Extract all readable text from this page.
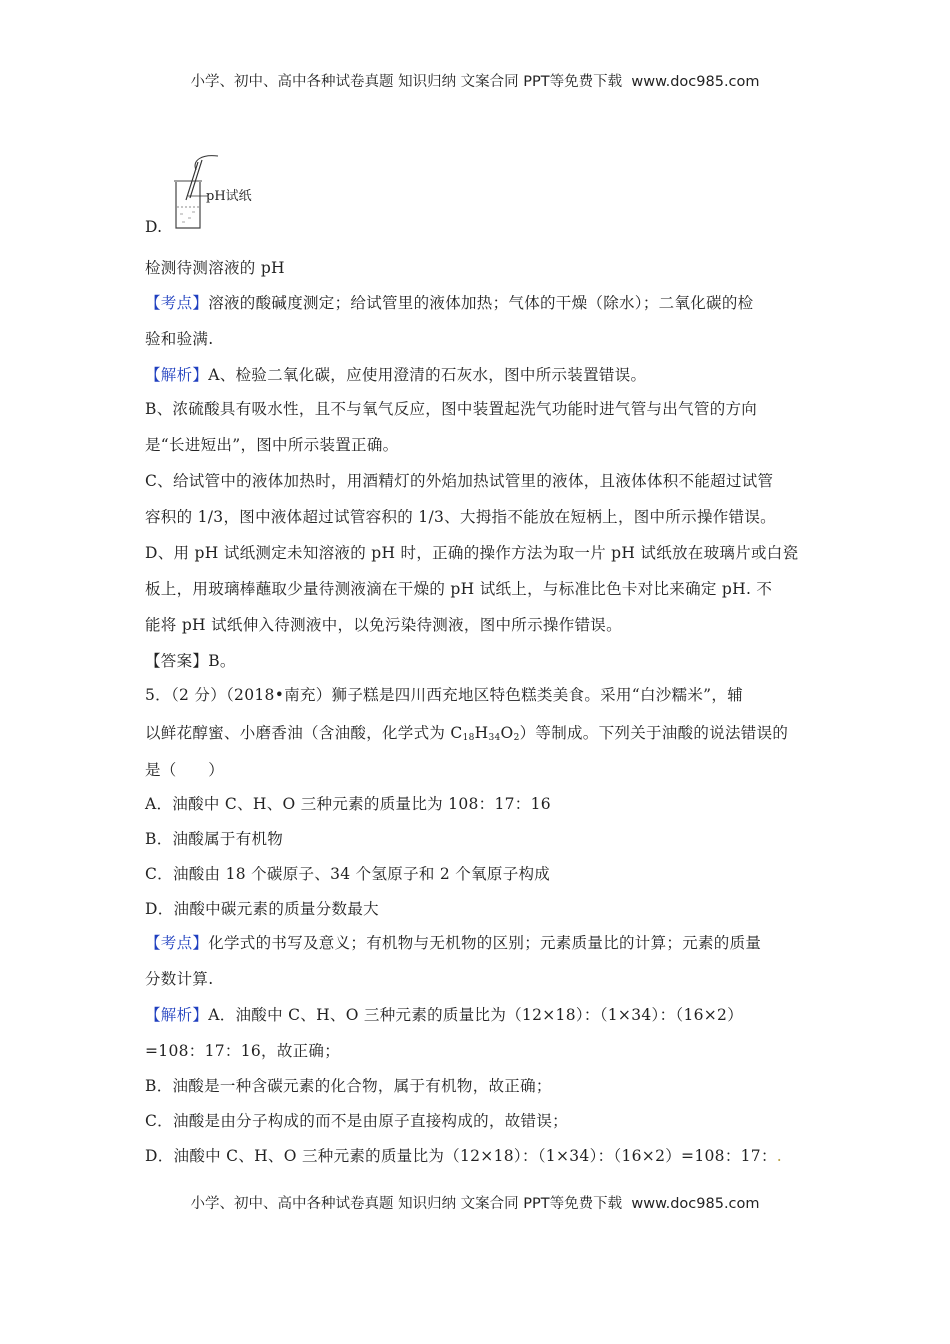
小学、初中、高中各种试卷真题 知识归纳 文案合同 PPT等免费下载 www.doc985.com
pH试纸
D.
检测待测溶液的 pH
【考点】溶液的酸碱度测定；给试管里的液体加热；气体的干燥（除水）；二氧化碳的检
验和验满.
【解析】A、检验二氧化碳，应使用澄清的石灰水，图中所示装置错误。
B、浓硫酸具有吸水性，且不与氧气反应，图中装置起洗气功能时进气管与出气管的方向
是“长进短出”，图中所示装置正确。
C、给试管中的液体加热时，用酒精灯的外焰加热试管里的液体，且液体体积不能超过试管
容积的 1/3，图中液体超过试管容积的 1/3、大拇指不能放在短柄上，图中所示操作错误。
D、用 pH 试纸测定未知溶液的 pH 时，正确的操作方法为取一片 pH 试纸放在玻璃片或白瓷
板上，用玻璃棒蘸取少量待测液滴在干燥的 pH 试纸上，与标准比色卡对比来确定 pH. 不
能将 pH 试纸伸入待测液中，以免污染待测液，图中所示操作错误。
【答案】B。
5．（2 分）（2018•南充）狮子糕是四川西充地区特色糕类美食。采用“白沙糯米”，辅
以鲜花醇蜜、小磨香油（含油酸，化学式为 $C_{18}H_{34}O_2$）等制成。下列关于油酸的说法错误的
是（　　）
A．油酸中 C、H、O 三种元素的质量比为 108：17：16
B．油酸属于有机物
C．油酸由 18 个碳原子、34 个氢原子和 2 个氧原子构成
D．油酸中碳元素的质量分数最大
【考点】化学式的书写及意义；有机物与无机物的区别；元素质量比的计算；元素的质量
分数计算.
【解析】A．油酸中 C、H、O 三种元素的质量比为（12×18）：（1×34）：（16×2）
=108：17：16，故正确；
B．油酸是一种含碳元素的化合物，属于有机物，故正确；
C．油酸是由分子构成的而不是由原子直接构成的，故错误；
D．油酸中 C、H、O 三种元素的质量比为（12×18）：（1×34）：（16×2）=108：17：.
小学、初中、高中各种试卷真题 知识归纳 文案合同 PPT等免费下载 www.doc985.com
